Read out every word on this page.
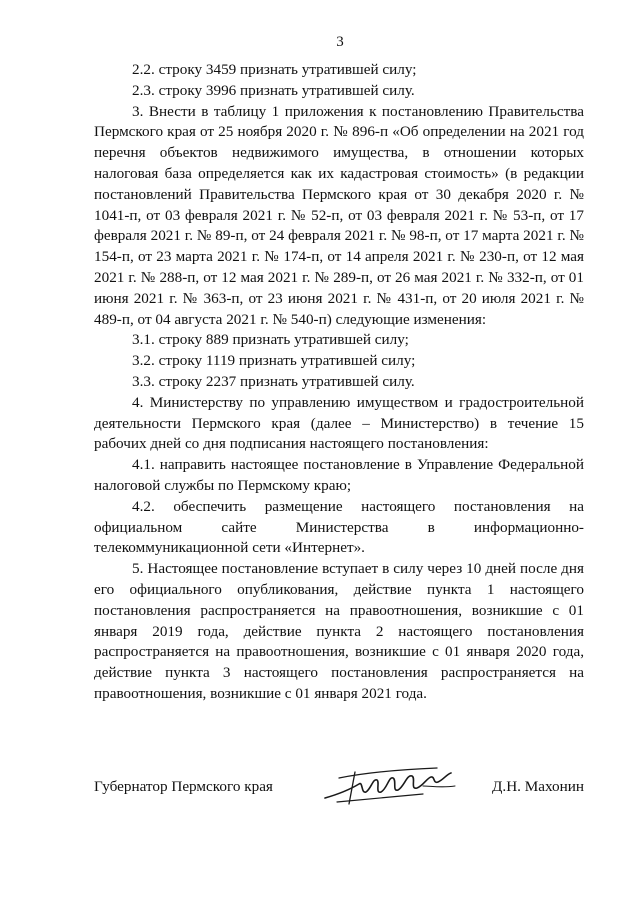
3

2.2. строку 3459 признать утратившей силу;

2.3. строку 3996 признать утратившей силу.

3. Внести в таблицу 1 приложения к постановлению Правительства Пермского края от 25 ноября 2020 г. № 896-п «Об определении на 2021 год перечня объектов недвижимого имущества, в отношении которых налоговая база определяется как их кадастровая стоимость» (в редакции постановлений Правительства Пермского края от 30 декабря 2020 г. № 1041-п, от 03 февраля 2021 г. № 52-п, от 03 февраля 2021 г. № 53-п, от 17 февраля 2021 г. № 89-п, от 24 февраля 2021 г. № 98-п, от 17 марта 2021 г. № 154-п, от 23 марта 2021 г. № 174-п, от 14 апреля 2021 г. № 230-п, от 12 мая 2021 г. № 288-п, от 12 мая 2021 г. № 289-п, от 26 мая 2021 г. № 332-п, от 01 июня 2021 г. № 363-п, от 23 июня 2021 г. № 431-п, от 20 июля 2021 г. № 489-п, от 04 августа 2021 г. № 540-п) следующие изменения:

3.1. строку 889 признать утратившей силу;

3.2. строку 1119 признать утратившей силу;

3.3. строку 2237 признать утратившей силу.

4. Министерству по управлению имуществом и градостроительной деятельности Пермского края (далее – Министерство) в течение 15 рабочих дней со дня подписания настоящего постановления:

4.1. направить настоящее постановление в Управление Федеральной налоговой службы по Пермскому краю;

4.2. обеспечить размещение настоящего постановления на официальном сайте Министерства в информационно-телекоммуникационной сети «Интернет».

5. Настоящее постановление вступает в силу через 10 дней после дня его официального опубликования, действие пункта 1 настоящего постановления распространяется на правоотношения, возникшие с 01 января 2019 года, действие пункта 2 настоящего постановления распространяется на правоотношения, возникшие с 01 января 2020 года, действие пункта 3 настоящего постановления распространяется на правоотношения, возникшие с 01 января 2021 года.

Губернатор Пермского края	Д.Н. Махонин
